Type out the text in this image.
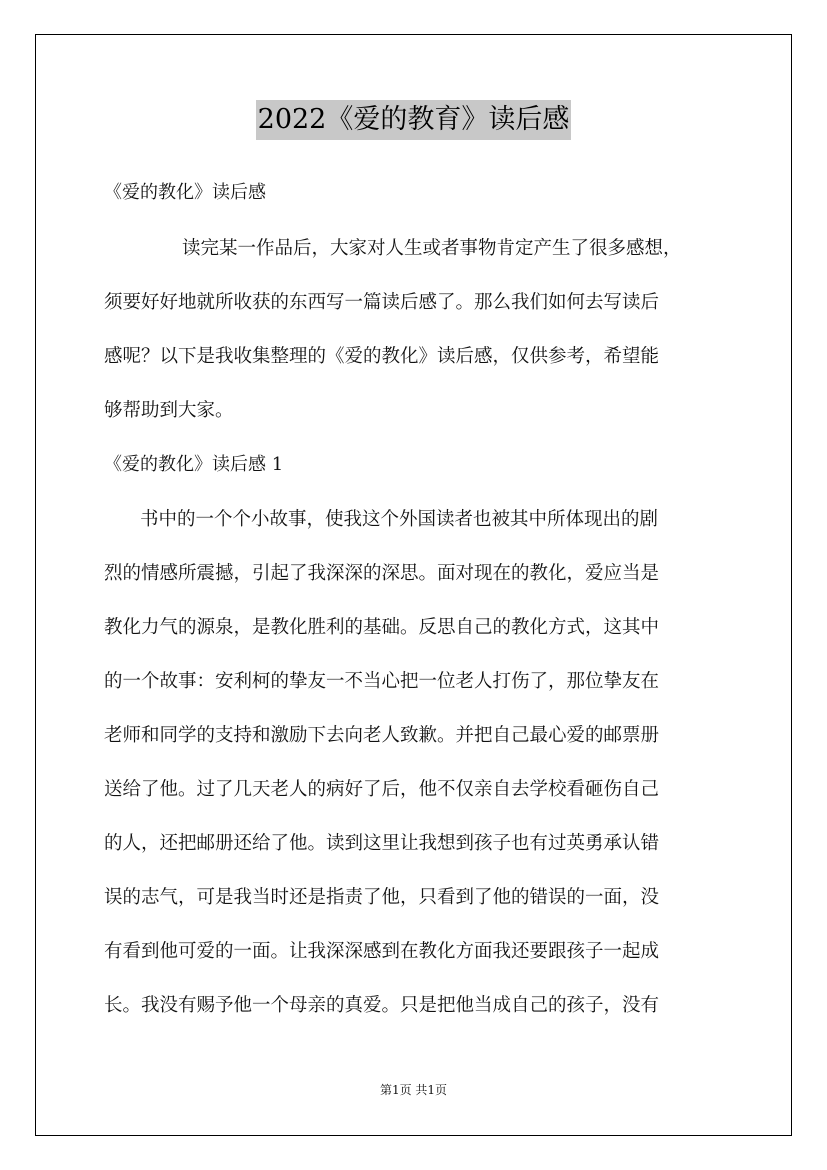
2022《爱的教育》读后感
《爱的教化》读后感
读完某一作品后，大家对人生或者事物肯定产生了很多感想，
须要好好地就所收获的东西写一篇读后感了。那么我们如何去写读后
感呢？以下是我收集整理的《爱的教化》读后感，仅供参考，希望能
够帮助到大家。
《爱的教化》读后感 1
书中的一个个小故事，使我这个外国读者也被其中所体现出的剧
烈的情感所震撼，引起了我深深的深思。面对现在的教化，爱应当是
教化力气的源泉，是教化胜利的基础。反思自己的教化方式，这其中
的一个故事：安利柯的挚友一不当心把一位老人打伤了，那位挚友在
老师和同学的支持和激励下去向老人致歉。并把自己最心爱的邮票册
送给了他。过了几天老人的病好了后，他不仅亲自去学校看砸伤自己
的人，还把邮册还给了他。读到这里让我想到孩子也有过英勇承认错
误的志气，可是我当时还是指责了他，只看到了他的错误的一面，没
有看到他可爱的一面。让我深深感到在教化方面我还要跟孩子一起成
长。我没有赐予他一个母亲的真爱。只是把他当成自己的孩子，没有
第1页 共1页
